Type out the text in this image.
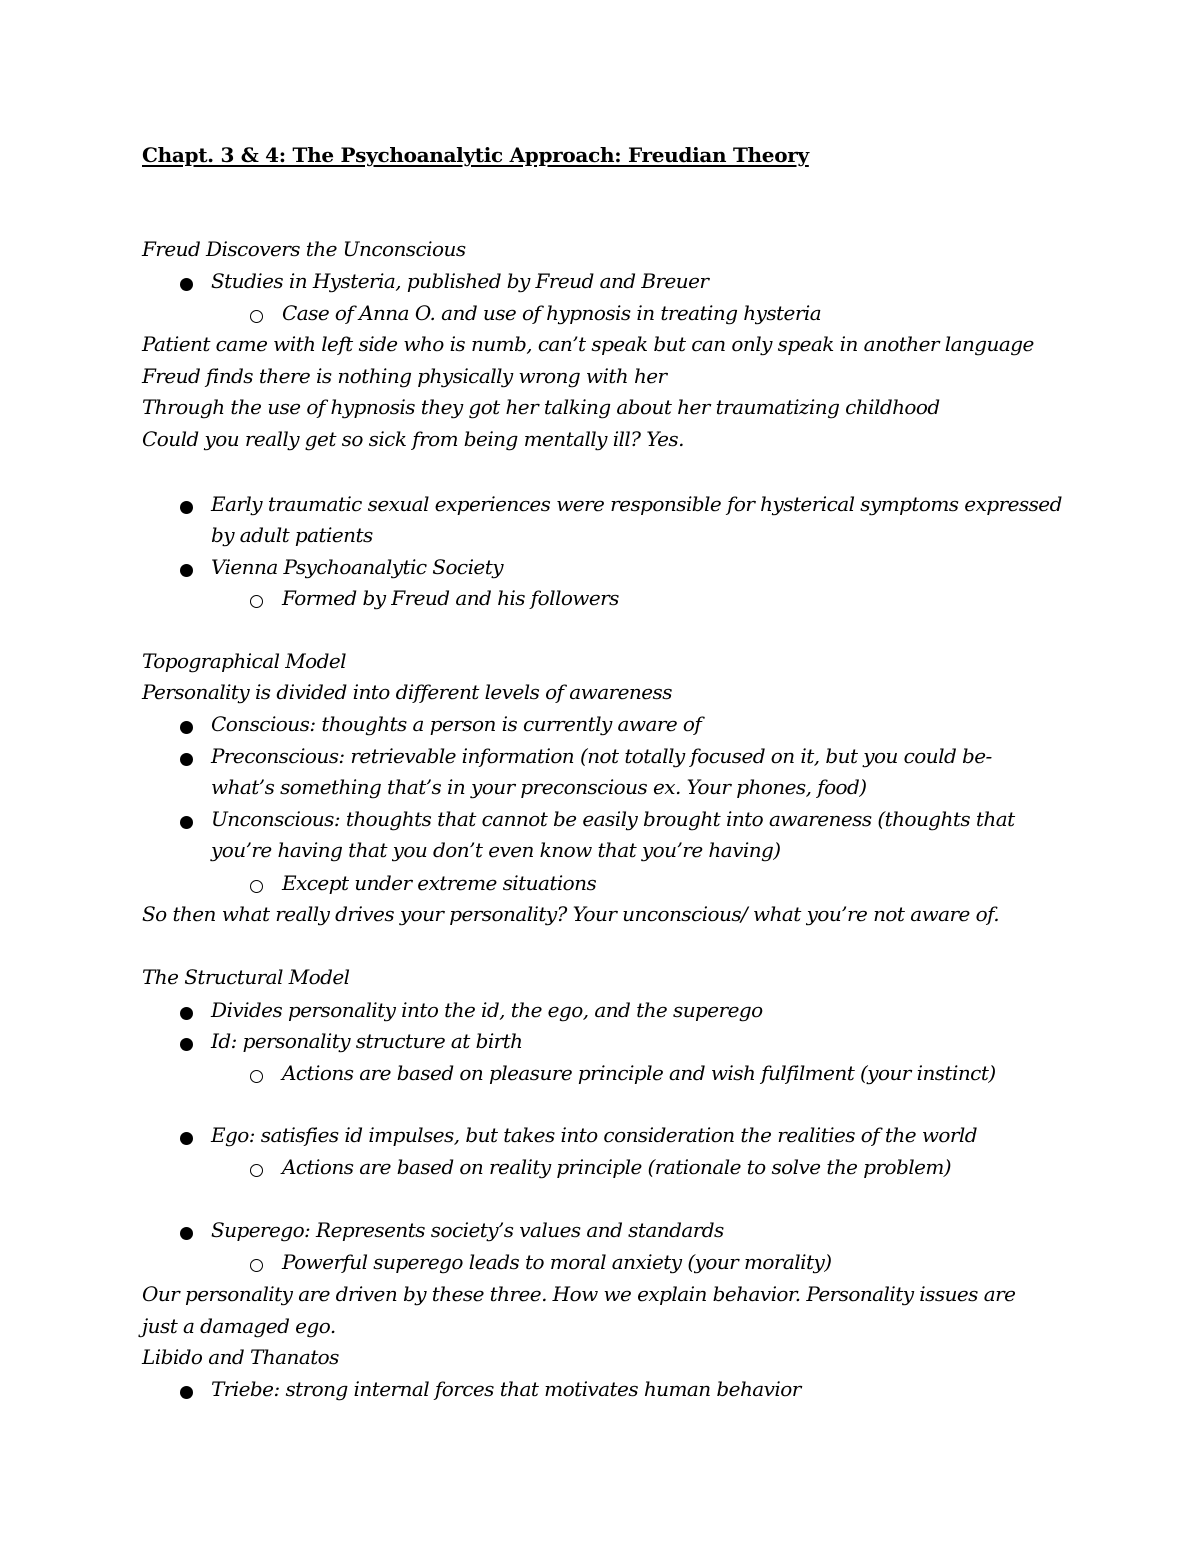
Chapt. 3 & 4: The Psychoanalytic Approach: Freudian Theory
Freud Discovers the Unconscious
Studies in Hysteria, published by Freud and Breuer
Case of Anna O. and use of hypnosis in treating hysteria
Patient came with left side who is numb, can’t speak but can only speak in another language
Freud finds there is nothing physically wrong with her
Through the use of hypnosis they got her talking about her traumatizing childhood
Could you really get so sick from being mentally ill? Yes.
Early traumatic sexual experiences were responsible for hysterical symptoms expressed
by adult patients
Vienna Psychoanalytic Society
Formed by Freud and his followers
Topographical Model
Personality is divided into different levels of awareness
Conscious: thoughts a person is currently aware of
Preconscious: retrievable information (not totally focused on it, but you could be-
what’s something that’s in your preconscious ex. Your phones, food)
Unconscious: thoughts that cannot be easily brought into awareness (thoughts that
you’re having that you don’t even know that you’re having)
Except under extreme situations
So then what really drives your personality? Your unconscious/ what you’re not aware of.
The Structural Model
Divides personality into the id, the ego, and the superego
Id: personality structure at birth
Actions are based on pleasure principle and wish fulfilment (your instinct)
Ego: satisfies id impulses, but takes into consideration the realities of the world
Actions are based on reality principle (rationale to solve the problem)
Superego: Represents society’s values and standards
Powerful superego leads to moral anxiety (your morality)
Our personality are driven by these three. How we explain behavior. Personality issues are
just a damaged ego.
Libido and Thanatos
Triebe: strong internal forces that motivates human behavior
